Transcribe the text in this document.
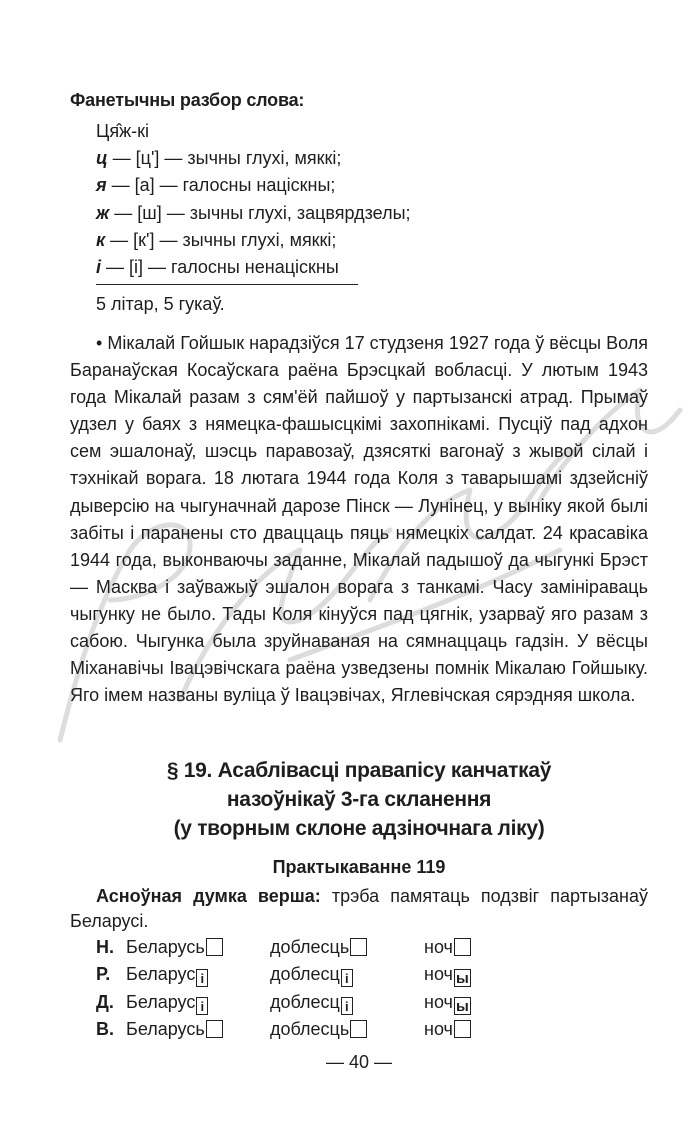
Фанетычны разбор слова:
Ця̂ж-кі
ц — [ц'] — зычны глухі, мяккі;
я — [а] — галосны націскны;
ж — [ш] — зычны глухі, зацвярдзелы;
к — [к'] — зычны глухі, мяккі;
і — [і] — галосны ненаціскны
5 літар, 5 гукаў.

• Мікалай Гойшык нарадзіўся 17 студзеня 1927 года ў вёсцы Воля Баранаўская Косаўскага раёна Брэсцкай вобласці. У лютым 1943 года Мікалай разам з сям'ёй пайшоў у партызанскі атрад. Прымаў удзел у баях з нямецка-фашысцкімі захопнікамі. Пусціў пад адхон сем эшалонаў, шэсць паравозаў, дзясяткі вагонаў з жывой сілай і тэхнікай ворага. 18 лютага 1944 года Коля з таварышамі здзейсніў дыверсію на чыгуначнай дарозе Пінск — Лунінец, у выніку якой былі забіты і паранены сто дваццаць пяць нямецкіх салдат. 24 красавіка 1944 года, выконваючы заданне, Мікалай падышоў да чыгункі Брэст — Масква і заўважыў эшалон ворага з танкамі. Часу замініраваць чыгунку не было. Тады Коля кінуўся пад цягнік, узарваў яго разам з сабою. Чыгунка была зруйнаваная на сямнаццаць гадзін. У вёсцы Міханавічы Івацэвічскага раёна узведзены помнік Мікалаю Гойшыку. Яго імем названы вуліца ў Івацэвічах, Яглевічская сярэдняя школа.

§ 19. Асаблівасці правапісу канчаткаў
назоўнікаў 3-га скланення
(у творным склоне адзіночнага ліку)
Практыкаванне 119
Асноўная думка верша: трэба памятаць подзвіг партызанаў Беларусі.
Н. Беларусь	доблесць	ноч
Р. Беларус і	доблесц і	ноч ы
Д. Беларус і	доблесц і	ноч ы
В. Беларусь	доблесць	ноч
— 40 —
